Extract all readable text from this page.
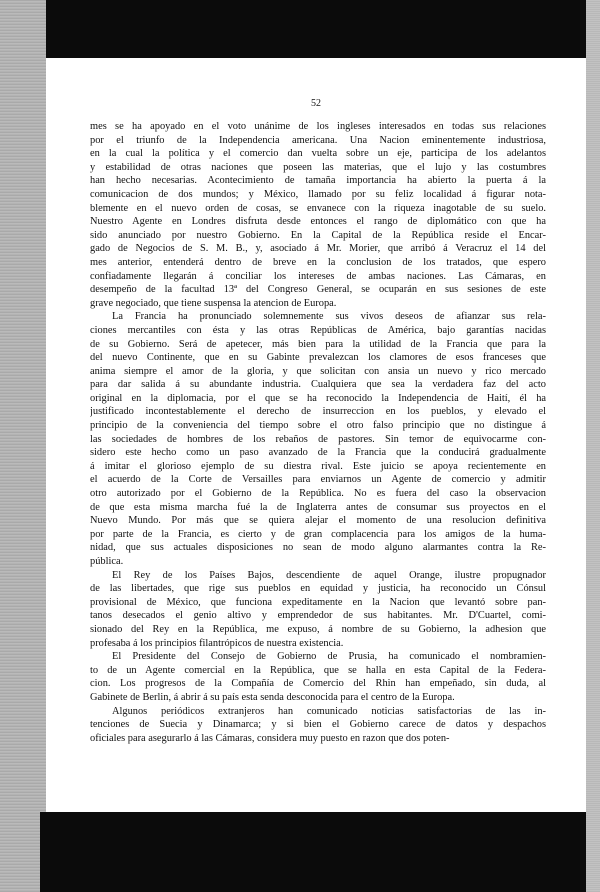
52
mes se ha apoyado en el voto unánime de los ingleses interesados en todas sus relaciones
por el triunfo de la Independencia americana. Una Nacion eminentemente industriosa,
en la cual la política y el comercio dan vuelta sobre un eje, participa de los adelantos
y estabilidad de otras naciones que poseen las materias, que el lujo y las costumbres
han hecho necesarias. Acontecimiento de tamaña importancia ha abierto la puerta á la
comunicacion de dos mundos; y México, llamado por su feliz localidad á figurar nota-
blemente en el nuevo orden de cosas, se envanece con la riqueza inagotable de su suelo.
Nuestro Agente en Londres disfruta desde entonces el rango de diplomático con que ha
sido anunciado por nuestro Gobierno. En la Capital de la República reside el Encar-
gado de Negocios de S. M. B., y, asociado á Mr. Morier, que arribó á Veracruz el 14 del
mes anterior, entenderá dentro de breve en la conclusion de los tratados, que espero
confiadamente llegarán á conciliar los intereses de ambas naciones. Las Cámaras, en
desempeño de la facultad 13ª del Congreso General, se ocuparán en sus sesiones de este
grave negociado, que tiene suspensa la atencion de Europa.
La Francia ha pronunciado solemnemente sus vivos deseos de afianzar sus rela-
ciones mercantiles con ésta y las otras Repúblicas de América, bajo garantías nacidas
de su Gobierno. Será de apetecer, más bien para la utilidad de la Francia que para la
del nuevo Continente, que en su Gabinte prevalezcan los clamores de esos franceses que
anima siempre el amor de la gloria, y que solicitan con ansia un nuevo y rico mercado
para dar salida á su abundante industria. Cualquiera que sea la verdadera faz del acto
original en la diplomacia, por el que se ha reconocido la Independencia de Haití, él ha
justificado incontestablemente el derecho de insurreccion en los pueblos, y elevado el
principio de la conveniencia del tiempo sobre el otro falso principio que no distingue á
las sociedades de hombres de los rebaños de pastores. Sin temor de equivocarme con-
sidero este hecho como un paso avanzado de la Francia que la conducirá gradualmente
á imitar el glorioso ejemplo de su diestra rival. Este juicio se apoya recientemente en
el acuerdo de la Corte de Versailles para enviarnos un Agente de comercio y admitir
otro autorizado por el Gobierno de la República. No es fuera del caso la observacion
de que esta misma marcha fué la de Inglaterra antes de consumar sus proyectos en el
Nuevo Mundo. Por más que se quiera alejar el momento de una resolucion definitiva
por parte de la Francia, es cierto y de gran complacencia para los amigos de la huma-
nidad, que sus actuales disposiciones no sean de modo alguno alarmantes contra la Re-
pública.
El Rey de los Países Bajos, descendiente de aquel Orange, ilustre propugnador
de las libertades, que rige sus pueblos en equidad y justicia, ha reconocido un Cónsul
provisional de México, que funciona expeditamente en la Nacion que levantó sobre pan-
tanos desecados el genio altivo y emprendedor de sus habitantes. Mr. D'Cuartel, comi-
sionado del Rey en la República, me expuso, á nombre de su Gobierno, la adhesion que
profesaba á los principios filantrópicos de nuestra existencia.
El Presidente del Consejo de Gobierno de Prusia, ha comunicado el nombramien-
to de un Agente comercial en la República, que se halla en esta Capital de la Federa-
cion. Los progresos de la Compañía de Comercio del Rhin han empeñado, sin duda, al
Gabinete de Berlin, á abrir á su país esta senda desconocida para el centro de la Europa.
Algunos periódicos extranjeros han comunicado noticias satisfactorias de las in-
tenciones de Suecia y Dinamarca; y si bien el Gobierno carece de datos y despachos
oficiales para asegurarlo á las Cámaras, considera muy puesto en razon que dos poten-
